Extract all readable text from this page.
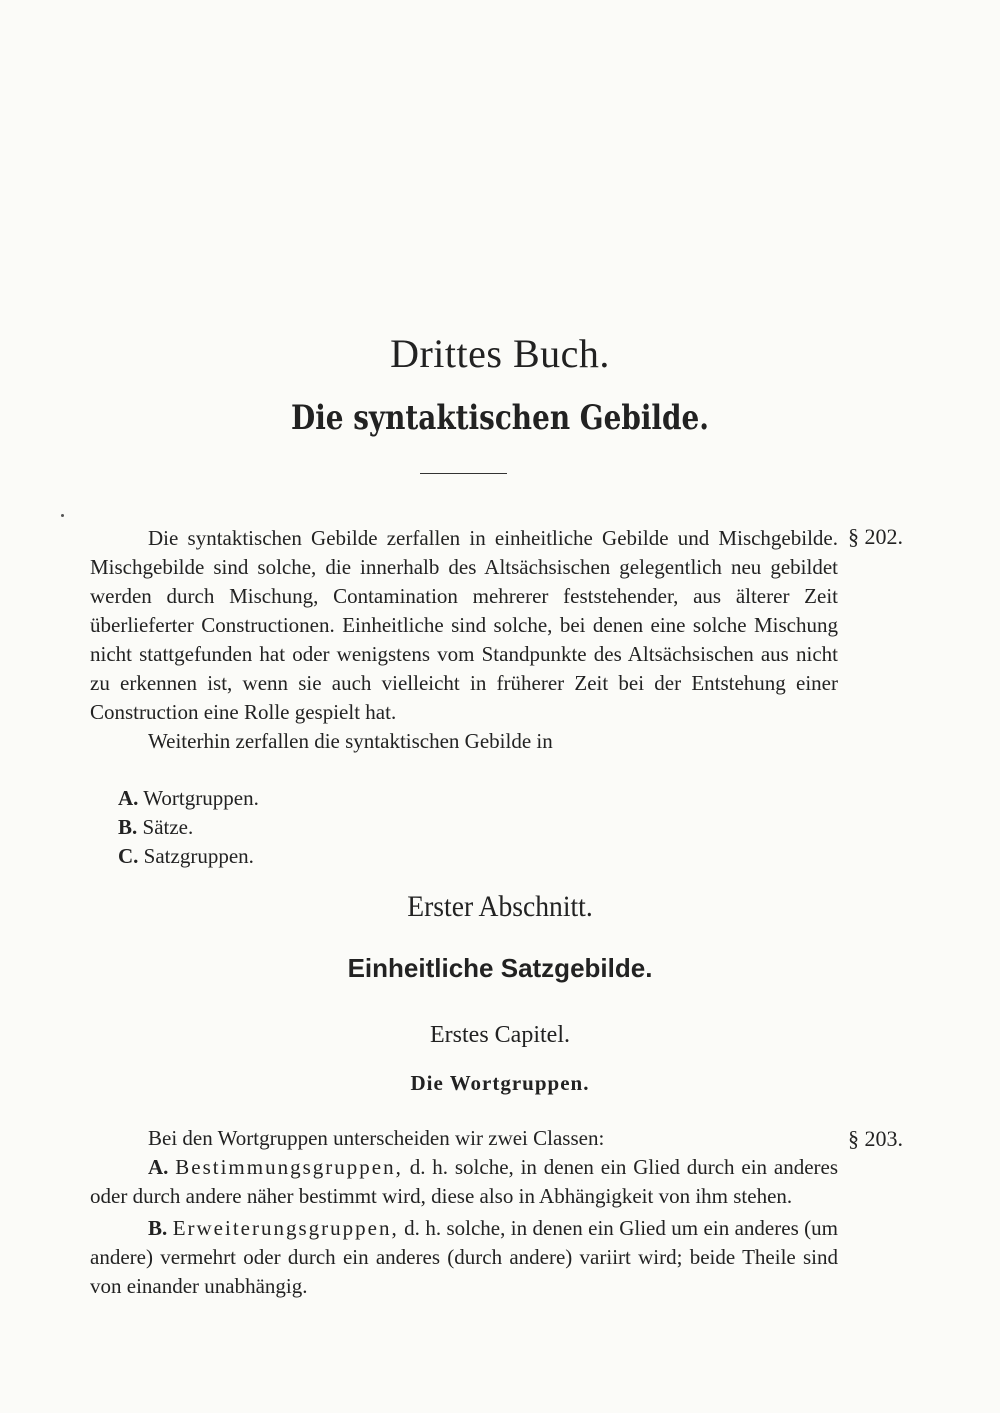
Drittes Buch.
Die syntaktischen Gebilde.
§ 202.

Die syntaktischen Gebilde zerfallen in einheitliche Gebilde und Mischgebilde. Mischgebilde sind solche, die innerhalb des Altsächsischen gelegentlich neu gebildet werden durch Mischung, Contamination mehrerer feststehender, aus älterer Zeit überlieferter Constructionen. Einheitliche sind solche, bei denen eine solche Mischung nicht stattgefunden hat oder wenigstens vom Standpunkte des Altsächsischen aus nicht zu erkennen ist, wenn sie auch vielleicht in früherer Zeit bei der Entstehung einer Construction eine Rolle gespielt hat.

Weiterhin zerfallen die syntaktischen Gebilde in

A. Wortgruppen.
B. Sätze.
C. Satzgruppen.
Erster Abschnitt.
Einheitliche Satzgebilde.
Erstes Capitel.
Die Wortgruppen.
§ 203.

Bei den Wortgruppen unterscheiden wir zwei Classen:

A. Bestimmungsgruppen, d. h. solche, in denen ein Glied durch ein anderes oder durch andere näher bestimmt wird, diese also in Abhängigkeit von ihm stehen.

B. Erweiterungsgruppen, d. h. solche, in denen ein Glied um ein anderes (um andere) vermehrt oder durch ein anderes (durch andere) variirt wird; beide Theile sind von einander unabhängig.
